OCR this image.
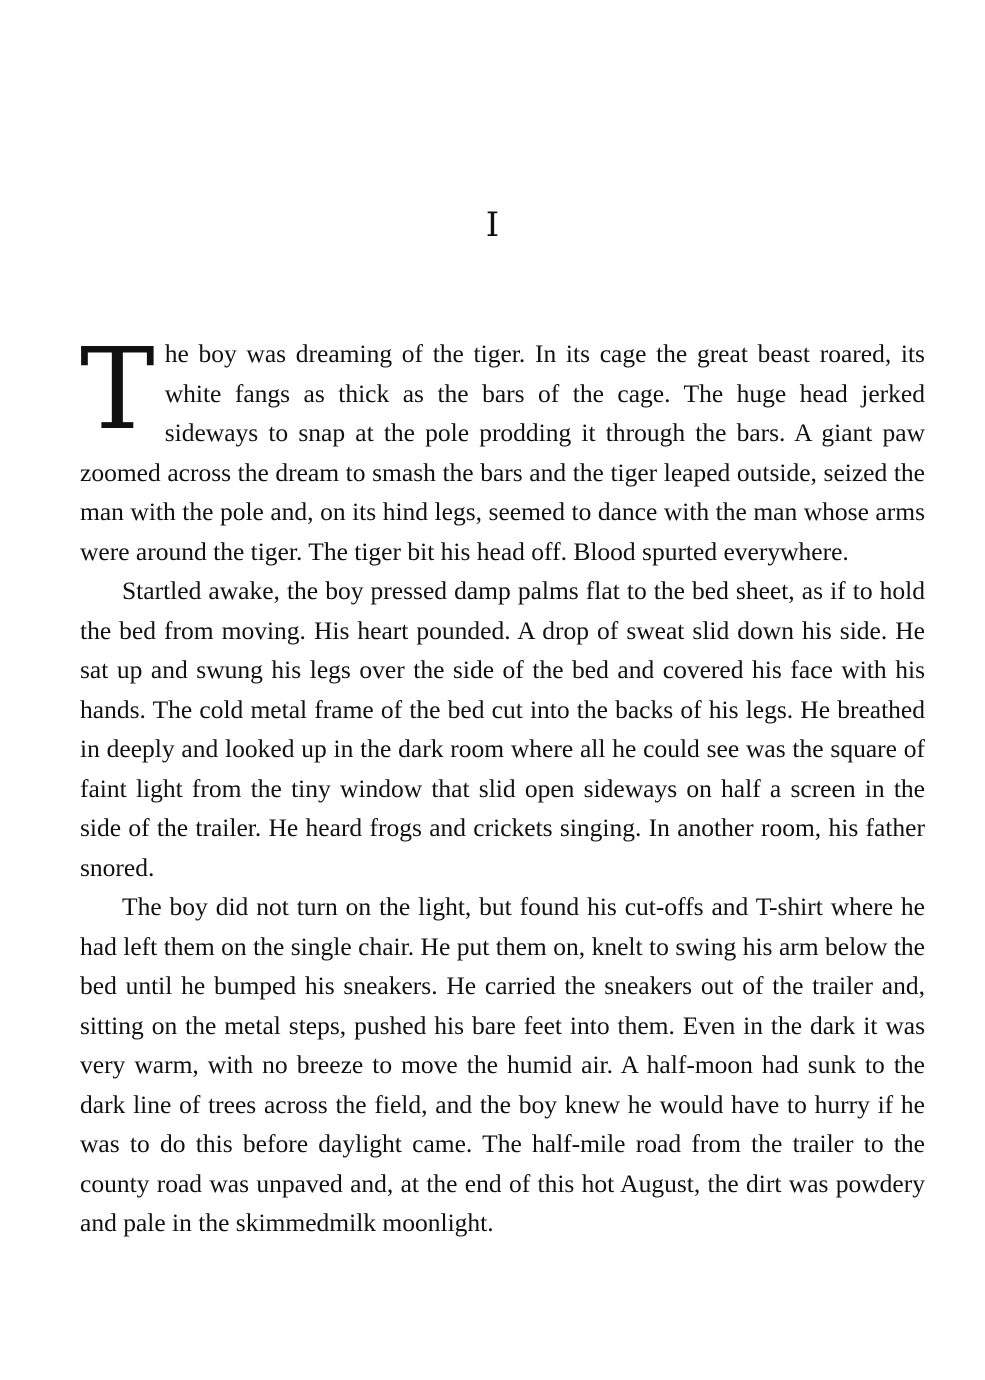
I

The boy was dreaming of the tiger. In its cage the great beast roared, its white fangs as thick as the bars of the cage. The huge head jerked sideways to snap at the pole prodding it through the bars. A giant paw zoomed across the dream to smash the bars and the tiger leaped outside, seized the man with the pole and, on its hind legs, seemed to dance with the man whose arms were around the tiger. The tiger bit his head off. Blood spurted everywhere.

Startled awake, the boy pressed damp palms flat to the bed sheet, as if to hold the bed from moving. His heart pounded. A drop of sweat slid down his side. He sat up and swung his legs over the side of the bed and covered his face with his hands. The cold metal frame of the bed cut into the backs of his legs. He breathed in deeply and looked up in the dark room where all he could see was the square of faint light from the tiny window that slid open sideways on half a screen in the side of the trailer. He heard frogs and crickets singing. In another room, his father snored.

The boy did not turn on the light, but found his cut-offs and T-shirt where he had left them on the single chair. He put them on, knelt to swing his arm below the bed until he bumped his sneakers. He carried the sneakers out of the trailer and, sitting on the metal steps, pushed his bare feet into them. Even in the dark it was very warm, with no breeze to move the humid air. A half-moon had sunk to the dark line of trees across the field, and the boy knew he would have to hurry if he was to do this before daylight came. The half-mile road from the trailer to the county road was unpaved and, at the end of this hot August, the dirt was powdery and pale in the skimmedmilk moonlight.
